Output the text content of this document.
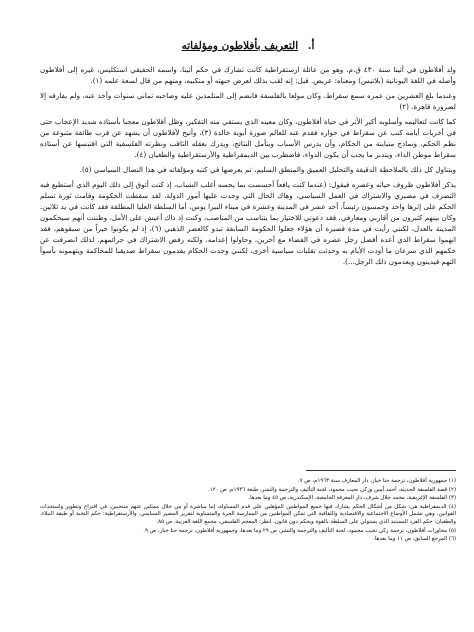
أ. التعريف بأفلاطون ومؤلفاته

ولد أفلاطون في أثينا سنة ٤٣٠ ق.م، وهو من عائلة ارستقراطية كانت تشارك في حكم أثينا، واسمه الحقيقي استكليس، غيره إلى أفلاطون وأصله في اللغة اليونانية (بلاتيس) ومعناه: عريض. قيل: إنه لقب بذلك لعرض جبهته أو منكبيه، ومنهم من قال لسعة علمه (١).

وعندما بلغ العشرين من عمره سمع سقراط، وكان مولعا بالفلسفة فانضم إلى المتلمذين عليه وصاحبه ثماني سنوات وأخذ عنه، ولم يفارقه إلا لضرورة قاهرة. (٢)

كما كانت لتعاليمه وأسلوبه أكبر الأثر في حياة أفلاطون، وكان معينه الذي يستقي منه التفكير، وظل أفلاطون معجبا بأستاذه شديد الإعجاب حتى في أخريات أيامه كتب عن سقراط في حواره فقدم عنه للعالم صورة أبوية خالدة (٣)، وأتيح لأفلاطون أن يشهد عن قرب طائفة متنوعة من نظم الحكم، ونماذج متباينة من الحكام، وأن يدرس الأسباب ويتأمل النتائج، ويدرك بعقله الثاقب ونظرته الفلسفية التي اقتبسها عن أستاذه سقراط موطن الداء، ويتدبر ما يجب أن يكون الدواء، فاضطرب بين الديمقراطية والأرستقراطية والطغيان (٤).

ويتناول كل ذلك بالملاحظة الدقيقة والتحليل العميق والمنطق السليم، ثم يعرضها في كتبه ومؤلفاته في هذا النضال السياسي (٥).

يذكر أفلاطون ظروف حياته وعصره فيقول: (عندما كنت يافعاً أحسست بما يحسه أغلب الشباب، إذ كنت أتوق إلى ذلك اليوم الذي أستطيع فيه التصرف في مصيري والاشتراك في العمل السياسي، وهاك الحال التي وجدت عليها أمور الدولة، لقد سقطت الحكومة وقامت ثورة تسلم الحكم على إثرها واحد وخمسون رئيساً، أحد عشر في المدينة وعشرة في ميناء البيرا يوس، أما السلطة العليا المطلقة فقد كانت في يد ثلاثين. وكان بينهم كثيرون من أقاربي ومعارفي، فقد دعوني للاختيار بما يتناسب من المناصب، وكنت إذ ذاك أعيش على الأمل، وظننت أنهم سيحكمون المدينة بالعدل، لكنني رأيت في مدة قصيرة أن هؤلاء جعلوا الحكومة السابقة تبدو كالعصر الذهبي (٦)، إذ لم يكونوا خيراً من سبقوهم، فقد اتهموا سقراط الذي أعده أفضل رجل عصره في القضاء مع آخرين، وحاولوا إعدامه، ولكنه رفض الاشتراك في جرائمهم. لذلك انصرفت عن حكمهم الذي سرعان ما أودت الأيام به وحدثت تقلبات سياسية أخرى، لكنني وجدت الحكام يقدمون سقراط صديقنا للمحاكمة ويتهمونه بأسوأ التهم فيدينون ويعدمون ذلك الرجل...).

(١) جمهورية أفلاطون، ترجمة حنا خباز، دار المعارف سنة ١٩٦٣م، ص ٧.

(٢) قصة الفلسفة الحديثة، أحمد أمين وزكي نجيب محمود، لجنة التأليف والترجمة والنشر، طبعة ١٩٣٦م، ص ١٢٠.

(٣) الفلسفة الإغريقية، محمد جلال شرف، دار المعرفة الجامعية، الإسكندرية، ص ٤٥ وما بعدها.

(٤) الديمقراطية هي: شكل من أشكال الحكم يشارك فيها جميع المواطنين المؤهلين على قدم المساواة، إما مباشرة أو من خلال ممثلين عنهم منتخبين، في اقتراح وتطوير واستحداث القوانين، وهي تشمل الأوضاع الاجتماعية والاقتصادية والثقافية التي تمكن المواطنين من الممارسة الحرة والمتساوية لتقرير المصير السياسي. والأرستقراطية: حكم النخبة أو طبقة النبلاء، والطغيان: حكم الفرد المستبد الذي يستولي على السلطة بالقوة ويحكم دون قانون. انظر: المعجم الفلسفي، مجمع اللغة العربية، ص ٨٥.

(٥) محاورات أفلاطون، ترجمة زكي نجيب محمود، لجنة التأليف والترجمة والنشر، ص ٢٩ وما بعدها، وجمهورية أفلاطون، ترجمة حنا خباز، ص ٩.

(٦) المرجع السابق، ص ١١ وما بعدها.
